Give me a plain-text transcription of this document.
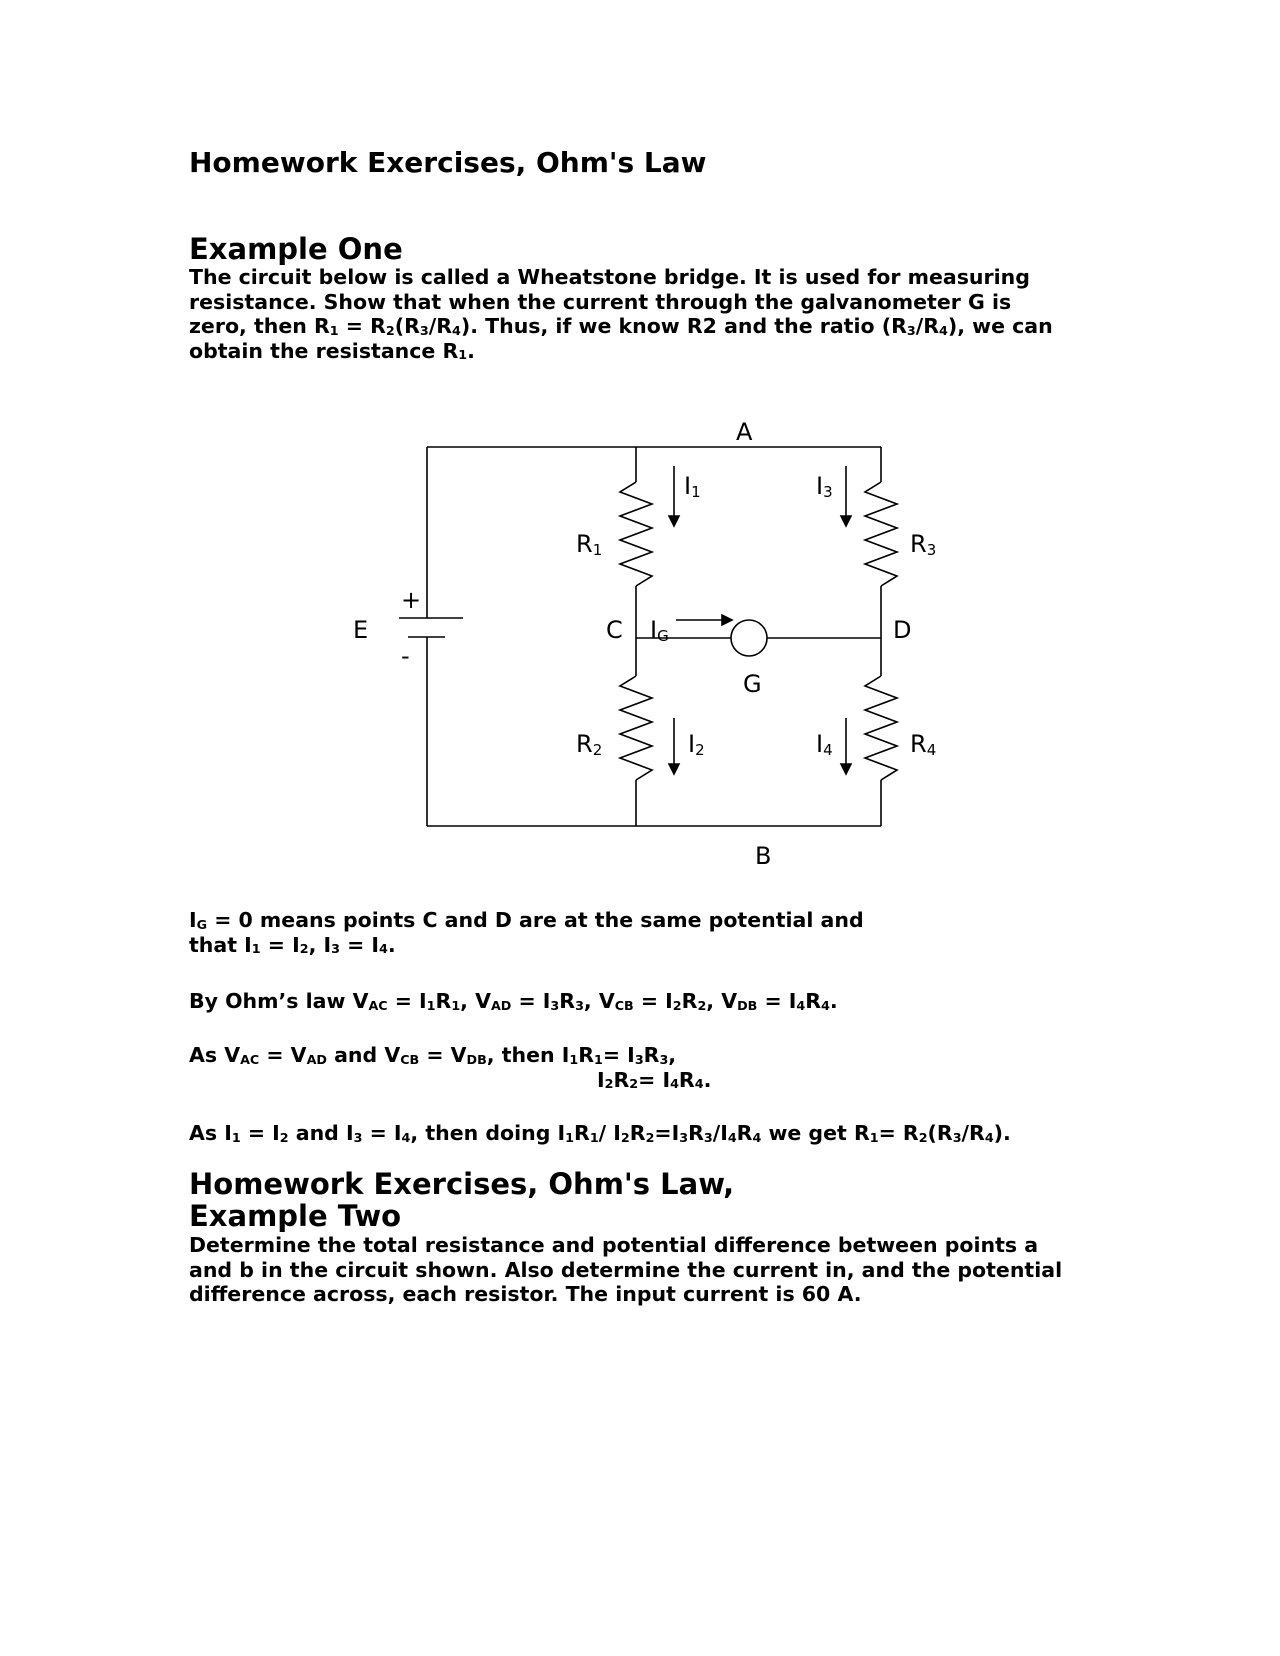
Homework Exercises, Ohm's Law
Example One
The circuit below is called a Wheatstone bridge. It is used for measuring
resistance. Show that when the current through the galvanometer G is
zero, then $R_1 = R_2(R_3/R_4)$. Thus, if we know R2 and the ratio $(R_3/R_4)$, we can
obtain the resistance $R_1$.
A
B
C	D
E
+
-
G
R1
R2
R3
R4
I1	I3
I2	I4
IG
$I_G = 0$ means points C and D are at the same potential and
that $I_1 = I_2$, $I_3 = I_4$.
By Ohm’s law $V_{AC} = I_1R_1$, $V_{AD} = I_3R_3$, $V_{CB} = I_2R_2$, $V_{DB} = I_4R_4$.
As $V_{AC} = V_{AD}$ and $V_{CB} = V_{DB}$, then $I_1R_1= I_3R_3$,
$I_2R_2= I_4R_4$.
As $I_1 = I_2$ and $I_3 = I_4$, then doing $I_1R_1/$ $I_2R_2=I_3R_3/I_4R_4$ we get $R_1= R_2(R_3/R_4)$.
Homework Exercises, Ohm's Law,
Example Two
Determine the total resistance and potential difference between points a
and b in the circuit shown. Also determine the current in, and the potential
difference across, each resistor. The input current is 60 A.
